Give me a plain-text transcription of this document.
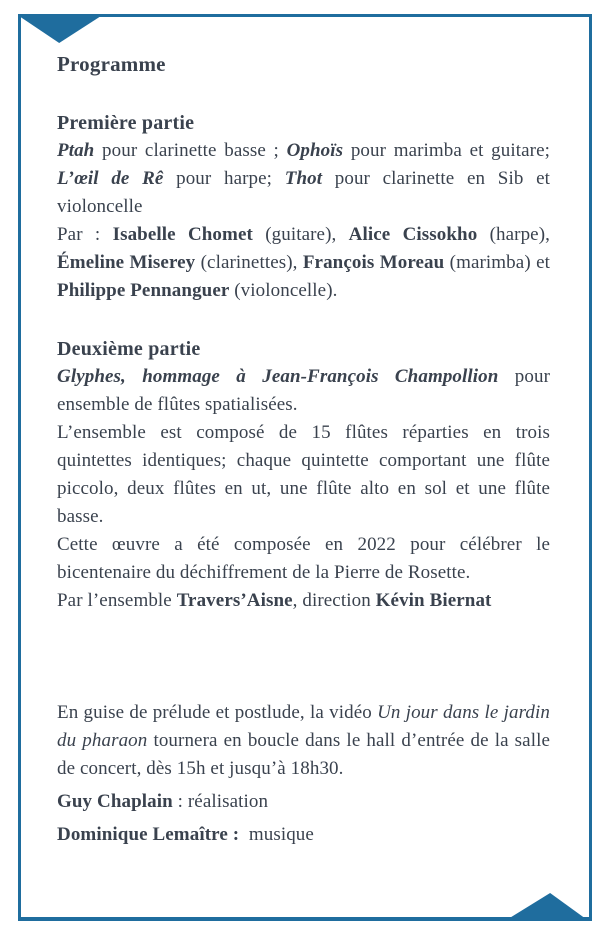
Programme
Première partie

Ptah pour clarinette basse ; Ophoïs pour marimba et guitare; L’œil de Rê pour harpe; Thot pour clarinette en Sib et violoncelle

Par : Isabelle Chomet (guitare), Alice Cissokho (harpe), Émeline Miserey (clarinettes), François Moreau (marimba) et Philippe Pennanguer (violoncelle).

Deuxième partie

Glyphes, hommage à Jean-François Champollion pour ensemble de flûtes spatialisées.

L’ensemble est composé de 15 flûtes réparties en trois quintettes identiques; chaque quintette comportant une flûte piccolo, deux flûtes en ut, une flûte alto en sol et une flûte basse.

Cette œuvre a été composée en 2022 pour célébrer le bicentenaire du déchiffrement de la Pierre de Rosette.

Par l’ensemble Travers’Aisne, direction Kévin Biernat

En guise de prélude et postlude, la vidéo Un jour dans le jardin du pharaon tournera en boucle dans le hall d’entrée de la salle de concert, dès 15h et jusqu’à 18h30.

Guy Chaplain : réalisation

Dominique Lemaître :  musique
